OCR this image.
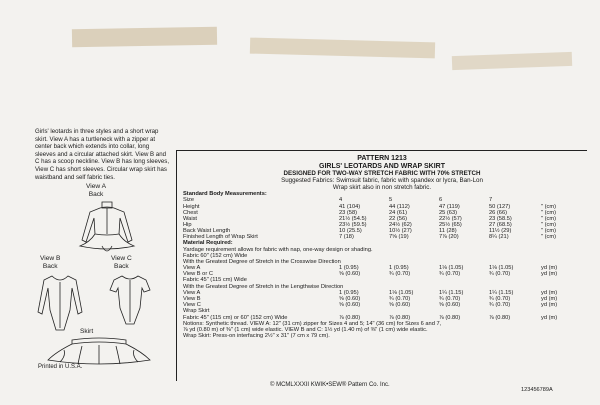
Girls' leotards in three styles and a short wrap skirt. View A has a turtleneck with a zipper at center back which extends into collar, long sleeves and a circular attached skirt. View B and C has a scoop neckline. View B has long sleeves, View C has short sleeves. Circular wrap skirt has waistband and self fabric ties.
View A
Back
View B
Back
View C
Back
Skirt
Printed in U.S.A.
PATTERN 1213
GIRLS' LEOTARDS AND WRAP SKIRT
DESIGNED FOR TWO-WAY STRETCH FABRIC WITH 70% STRETCH
Suggested Fabrics: Swimsuit fabric, fabric with spandex or lycra, Ban-Lon
Wrap skirt also in non stretch fabric.
Standard Body Measurements:
Size	4	5	6	7
Height	41 (104)	44 (112)	47 (119)	50 (127)	" (cm)
Chest	23 (58)	24 (61)	25 (63)	26 (66)	" (cm)
Waist	21½ (54.5)	22 (56)	22½ (57)	23 (58.5)	" (cm)
Hip	23½ (59.5)	24½ (62)	25½ (65)	27 (68.5)	" (cm)
Back Waist Length	10 (25.5)	10½ (27)	11 (28)	11½ (29)	" (cm)
Finished Length of Wrap Skirt	7 (18)	7⅝ (19)	7⅞ (20)	8¼ (21)	" (cm)
Material Required:
Yardage requirement allows for fabric with nap, one-way design or shading.
Fabric 60" (152 cm) Wide
With the Greatest Degree of Stretch in the Crosswise Direction
View A	1 (0.95)	1 (0.95)	1⅛ (1.05)	1⅛ (1.05)	yd (m)
View B or C	⅝ (0.60)	¾ (0.70)	¾ (0.70)	¾ (0.70)	yd (m)
Fabric 45" (115 cm) Wide
With the Greatest Degree of Stretch in the Lengthwise Direction
View A	1 (0.95)	1⅛ (1.05)	1¼ (1.15)	1¼ (1.15)	yd (m)
View B	⅝ (0.60)	¾ (0.70)	¾ (0.70)	¾ (0.70)	yd (m)
View C	⅝ (0.60)	⅝ (0.60)	⅝ (0.60)	¾ (0.70)	yd (m)
Wrap Skirt
Fabric 45" (115 cm) or 60" (152 cm) Wide	⅞ (0.80)	⅞ (0.80)	⅞ (0.80)	⅞ (0.80)	yd (m)
Notions: Synthetic thread. VIEW A: 12" (31 cm) zipper for Sizes 4 and 5; 14" (36 cm) for Sizes 6 and 7,
⅞ yd (0.80 m) of ⅜" (1 cm) wide elastic. VIEW B and C: 1½ yd (1.40 m) of ⅜" (1 cm) wide elastic.
Wrap Skirt: Press-on interfacing 2½" x 31" (7 cm x 79 cm).
© MCMLXXXII KWIK•SEW® Pattern Co. Inc.
123456789A
